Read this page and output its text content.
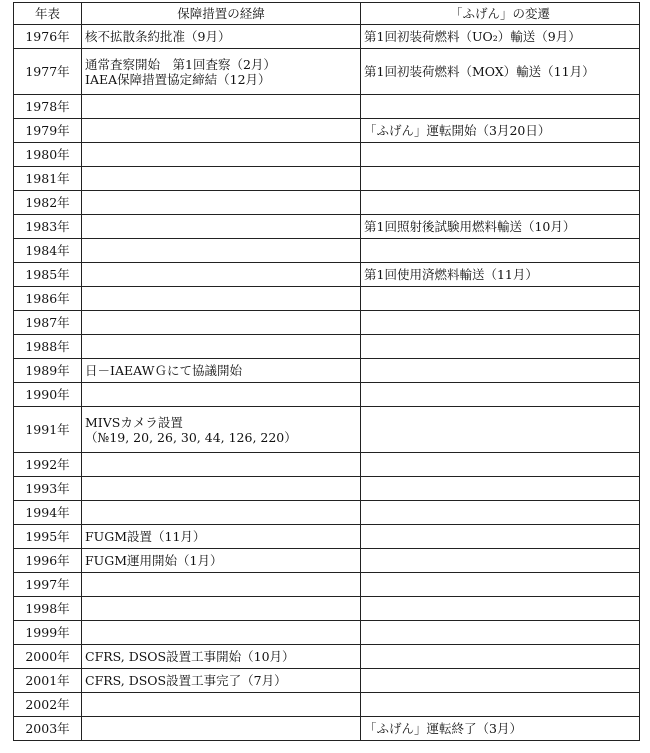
年表	保障措置の経緯	「ふげん」の変遷
1976年	核不拡散条約批准（9月）	第1回初装荷燃料（UO₂）輸送（9月）

1977年	通常査察開始　第1回査察（2月）
IAEA保障措置協定締結（12月）	第1回初装荷燃料（MOX）輸送（11月）

1978年		
1979年		「ふげん」運転開始（3月20日）

1980年		
1981年		
1982年		
1983年		第1回照射後試験用燃料輸送（10月）

1984年		
1985年		第1回使用済燃料輸送（11月）

1986年		
1987年		
1988年		
1989年	日－IAEAWＧにて協議開始	

1990年		
1991年	MIVSカメラ設置
（№19, 20, 26, 30, 44, 126, 220）	

1992年		
1993年		
1994年		
1995年	FUGM設置（11月）	

1996年	FUGM運用開始（1月）	

1997年		
1998年		
1999年		
2000年	CFRS, DSOS設置工事開始（10月）	

2001年	CFRS, DSOS設置工事完了（7月）	

2002年		
2003年		「ふげん」運転終了（3月）
